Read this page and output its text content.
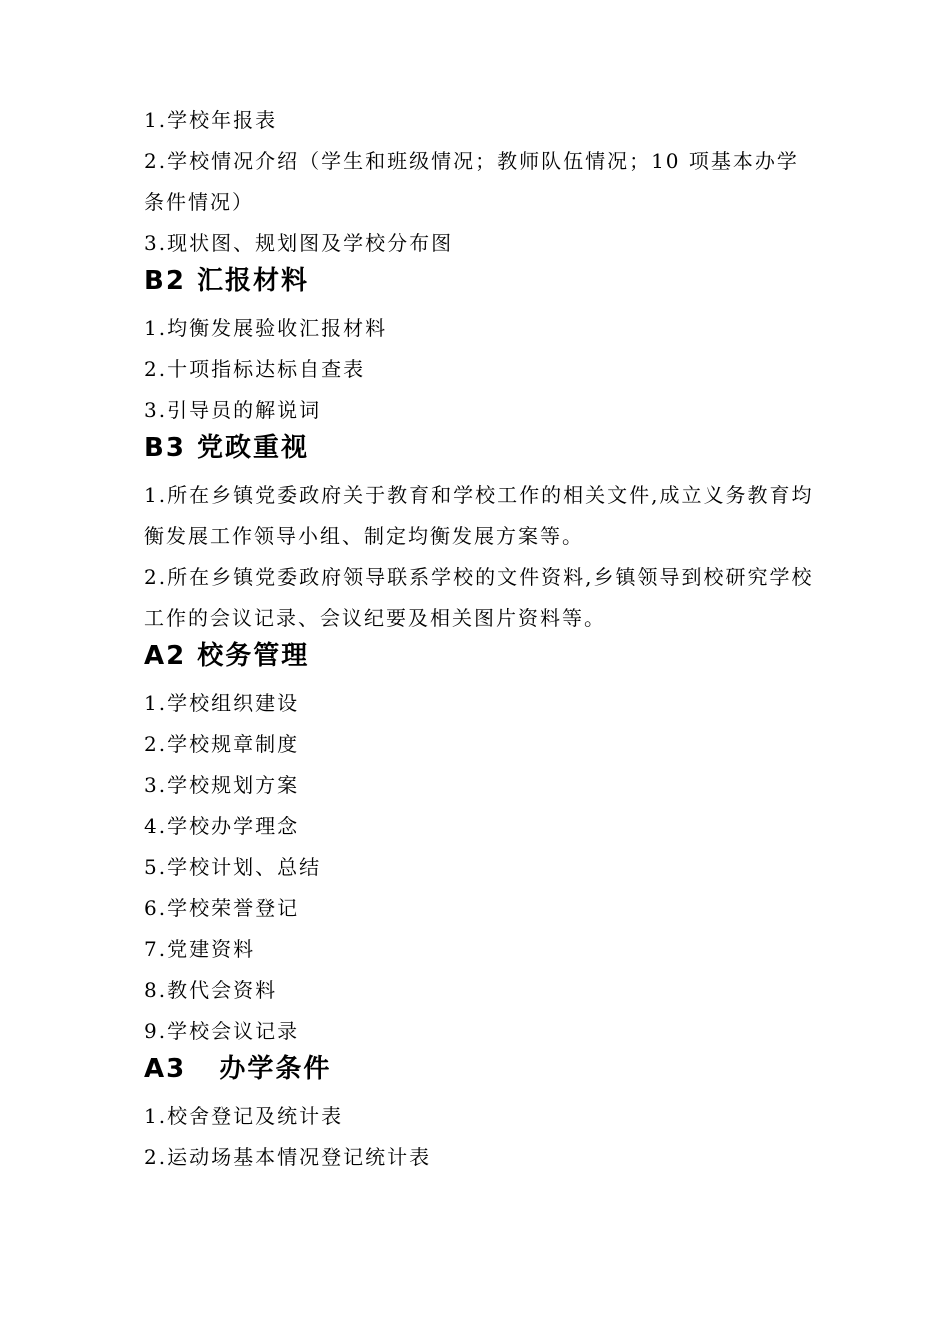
1.学校年报表

2.学校情况介绍（学生和班级情况；教师队伍情况；10 项基本办学条件情况）

3.现状图、规划图及学校分布图

B2 汇报材料

1.均衡发展验收汇报材料

2.十项指标达标自查表

3.引导员的解说词

B3 党政重视

1.所在乡镇党委政府关于教育和学校工作的相关文件,成立义务教育均衡发展工作领导小组、制定均衡发展方案等。

2.所在乡镇党委政府领导联系学校的文件资料,乡镇领导到校研究学校工作的会议记录、会议纪要及相关图片资料等。

A2 校务管理

1.学校组织建设

2.学校规章制度

3.学校规划方案

4.学校办学理念

5.学校计划、总结

6.学校荣誉登记

7.党建资料

8.教代会资料

9.学校会议记录

A3   办学条件

1.校舍登记及统计表

2.运动场基本情况登记统计表
